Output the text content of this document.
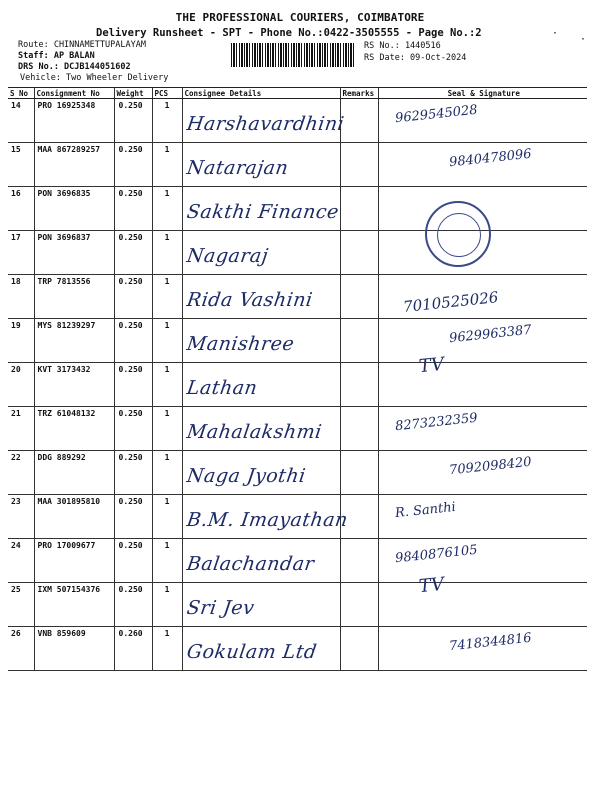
THE PROFESSIONAL COURIERS, COIMBATORE
Delivery Runsheet - SPT - Phone No.:0422-3505555 - Page No.:2	·
·
Route: CHINNAMETTUPALAYAM
Staff: AP BALAN
DRS No.: DCJB144051602
Vehicle: Two Wheeler Delivery
RS No.: 1440516
RS Date: 09-Oct-2024
S No	Consignment No	Weight	PCS	Consignee Details	Remarks	Seal & Signature
14	PRO 16925348	0.250	1	Harshavardhini		9629545028

15	MAA 867289257	0.250	1	Natarajan		9840478096

16	PON 3696835	0.250	1	Sakthi Finance		

17	PON 3696837	0.250	1	Nagaraj		

18	TRP 7813556	0.250	1	Rida Vashini		7010525026

19	MYS 81239297	0.250	1	Manishree		9629963387

20	KVT 3173432	0.250	1	Lathan		TV

21	TRZ 61048132	0.250	1	Mahalakshmi		8273232359

22	DDG 889292	0.250	1	Naga Jyothi		7092098420

23	MAA 301895810	0.250	1	B.M. Imayathan		R. Santhi

24	PRO 17009677	0.250	1	Balachandar		9840876105

25	IXM 507154376	0.250	1	Sri Jev		TV

26	VNB 859609	0.260	1	Gokulam Ltd		7418344816
